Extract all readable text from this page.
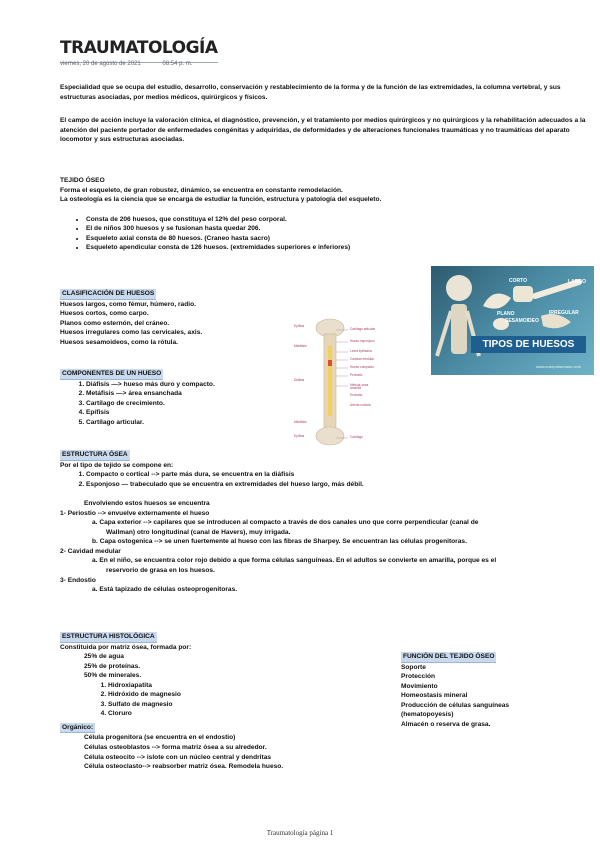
TRAUMATOLOGÍA
viernes, 20 de agosto de 2021	08:54 p. m.
Especialidad que se ocupa del estudio, desarrollo, conservación y restablecimiento de la forma y de la función de las extremidades, la columna vertebral, y sus estructuras asociadas, por medios médicos, quirúrgicos y físicos.
El campo de acción incluye la valoración clínica, el diagnóstico, prevención, y el tratamiento por medios quirúrgicos y no quirúrgicos y la rehabilitación adecuados a la atención del paciente portador de enfermedades congénitas y adquiridas, de deformidades y de alteraciones funcionales traumáticas y no traumáticas del aparato locomotor y sus estructuras asociadas.
TEJIDO ÓSEO
Forma el esqueleto, de gran robustez, dinámico, se encuentra en constante remodelación.
La osteología es la ciencia que se encarga de estudiar la función, estructura y patología del esqueleto.
• Consta de 206 huesos, que constituya el 12% del peso corporal.
• El de niños 300 huesos y se fusionan hasta quedar 206.
• Esqueleto axial consta de 80 huesos. (Craneo hasta sacro)
• Esqueleto apendicular consta de 126 huesos. (extremidades superiores e inferiores)
CORTO	LARGO
PLANO
SESAMOIDEO
IRREGULAR
TIPOS DE HUESOS
www.cuerpohumano.com
CLASIFICACIÓN DE HUESOS
Huesos largos, como fémur, húmero, radio.
Huesos cortos, como carpo.
Planos como esternón, del cráneo.
Huesos irregulares como las cervicales, axis.
Huesos sesamoideos, como la rótula.
Epífisis
Metáfisis
Diáfisis
Metáfisis
Epífisis
Cartílago articular
Hueso esponjoso
Línea epifisaria
Cavidad medular
Hueso compacto
Periostio
Médula ósea amarilla
Endostio
Arteria nutricia
Cartílago
COMPONENTES DE UN HUESO
1. Diáfisis —> hueso más duro y compacto.
2. Metáfisis —> área ensanchada
3. Cartílago de crecimiento.
4. Epífisis
5. Cartílago articular.
ESTRUCTURA ÓSEA
Por el tipo de tejido se compone en:
1. Compacto o cortical --> parte más dura, se encuentra en la diáfisis
2. Esponjoso — trabeculado que se encuentra en extremidades del hueso largo, más débil.
Envolviendo estos huesos se encuentra
1- Periostio --> envuelve externamente el hueso
a. Capa exterior --> capilares que se introducen al compacto a través de dos canales uno que corre perpendicular (canal de
Wallman) otro longitudinal (canal de Havers), muy irrigada.
b. Capa ostogenica --> se unen fuertemente al hueso con las fibras de Sharpey. Se encuentran las células progenitoras.
2- Cavidad medular
a. En el niño, se encuentra color rojo debido a que forma células sanguíneas. En el adultos se convierte en amarilla, porque es el
reservorio de grasa en los huesos.
3- Endostio
a. Está tapizado de células osteoprogenitoras.
ESTRUCTURA HISTOLÓGICA
Constituida por matriz ósea, formada por:
25% de agua
25% de proteínas.
50% de minerales.
1. Hidroxiapatita
2. Hidróxido de magnesio
3. Sulfato de magnesio
4. Cloruro
Orgánico:
Célula progenitora (se encuentra en el endostio)
Células osteoblastos --> forma matriz ósea a su alrededor.
Célula osteocito --> islote con un núcleo central y dendritas
Célula osteoclasto--> reabsorber matriz ósea. Remodela hueso.
FUNCIÓN DEL TEJIDO ÓSEO
Soporte
Protección
Movimiento
Homeostasis mineral
Producción de células sanguíneas
(hematopoyesis)
Almacén o reserva de grasa.
Traumatología página 1
